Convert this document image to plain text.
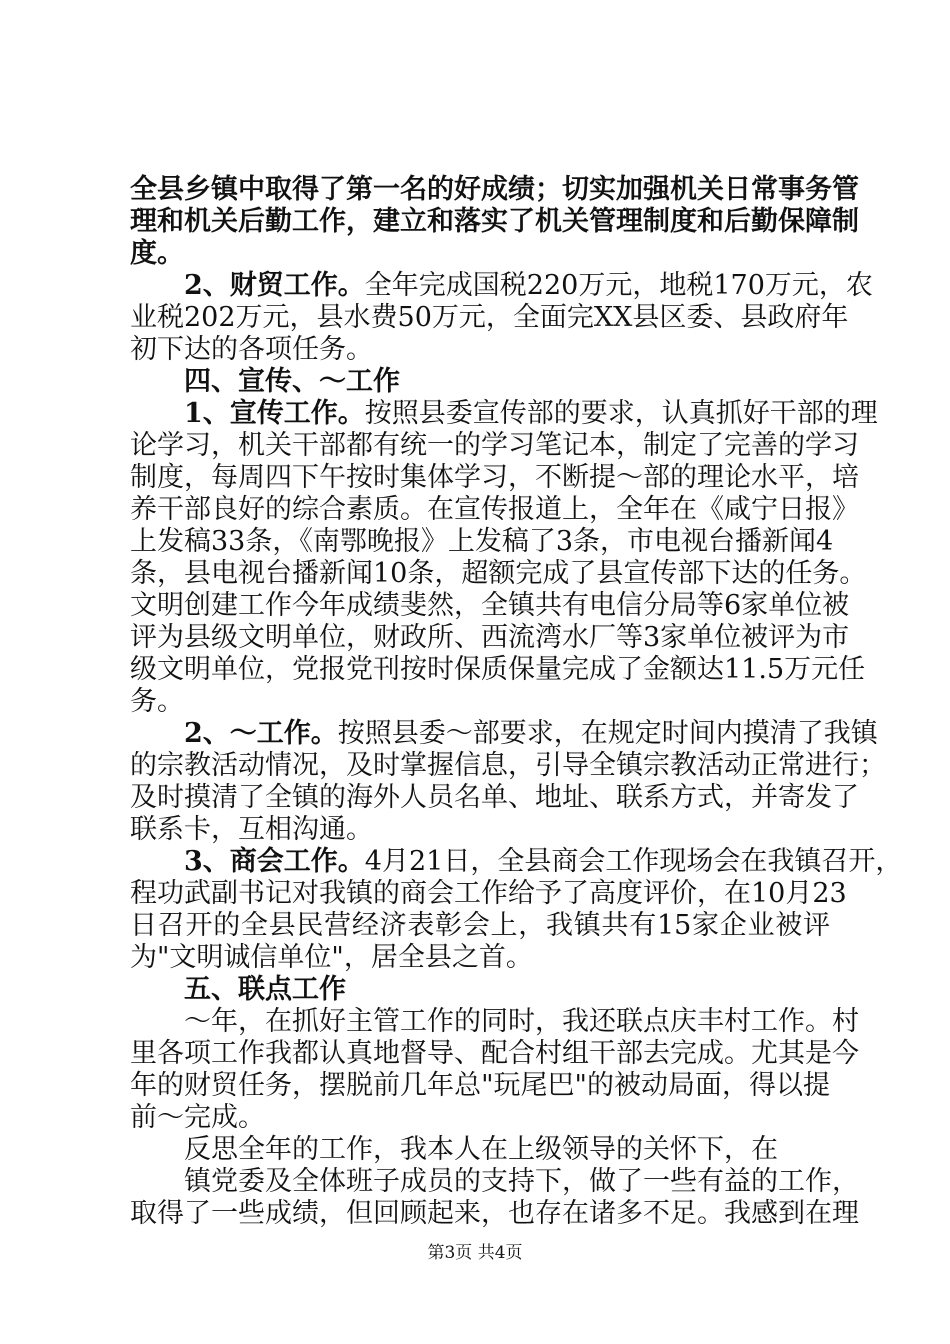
全县乡镇中取得了第一名的好成绩；切实加强机关日常事务管
理和机关后勤工作，建立和落实了机关管理制度和后勤保障制
度。
2、财贸工作。全年完成国税220万元，地税170万元，农
业税202万元，县水费50万元，全面完XX县区委、县政府年
初下达的各项任务。
四、宣传、～工作
1、宣传工作。按照县委宣传部的要求，认真抓好干部的理
论学习，机关干部都有统一的学习笔记本，制定了完善的学习
制度，每周四下午按时集体学习，不断提～部的理论水平，培
养干部良好的综合素质。在宣传报道上，全年在《咸宁日报》
上发稿33条，《南鄂晚报》上发稿了3条，市电视台播新闻4
条，县电视台播新闻10条，超额完成了县宣传部下达的任务。
文明创建工作今年成绩斐然，全镇共有电信分局等6家单位被
评为县级文明单位，财政所、西流湾水厂等3家单位被评为市
级文明单位，党报党刊按时保质保量完成了金额达11.5万元任
务。
2、～工作。按照县委～部要求，在规定时间内摸清了我镇
的宗教活动情况，及时掌握信息，引导全镇宗教活动正常进行；
及时摸清了全镇的海外人员名单、地址、联系方式，并寄发了
联系卡，互相沟通。
3、商会工作。4月21日，全县商会工作现场会在我镇召开，
程功武副书记对我镇的商会工作给予了高度评价，在10月23
日召开的全县民营经济表彰会上，我镇共有15家企业被评
为"文明诚信单位"，居全县之首。
五、联点工作
～年，在抓好主管工作的同时，我还联点庆丰村工作。村
里各项工作我都认真地督导、配合村组干部去完成。尤其是今
年的财贸任务，摆脱前几年总"玩尾巴"的被动局面，得以提
前～完成。
反思全年的工作，我本人在上级领导的关怀下，在
镇党委及全体班子成员的支持下，做了一些有益的工作，
取得了一些成绩，但回顾起来，也存在诸多不足。我感到在理
第3页 共4页
